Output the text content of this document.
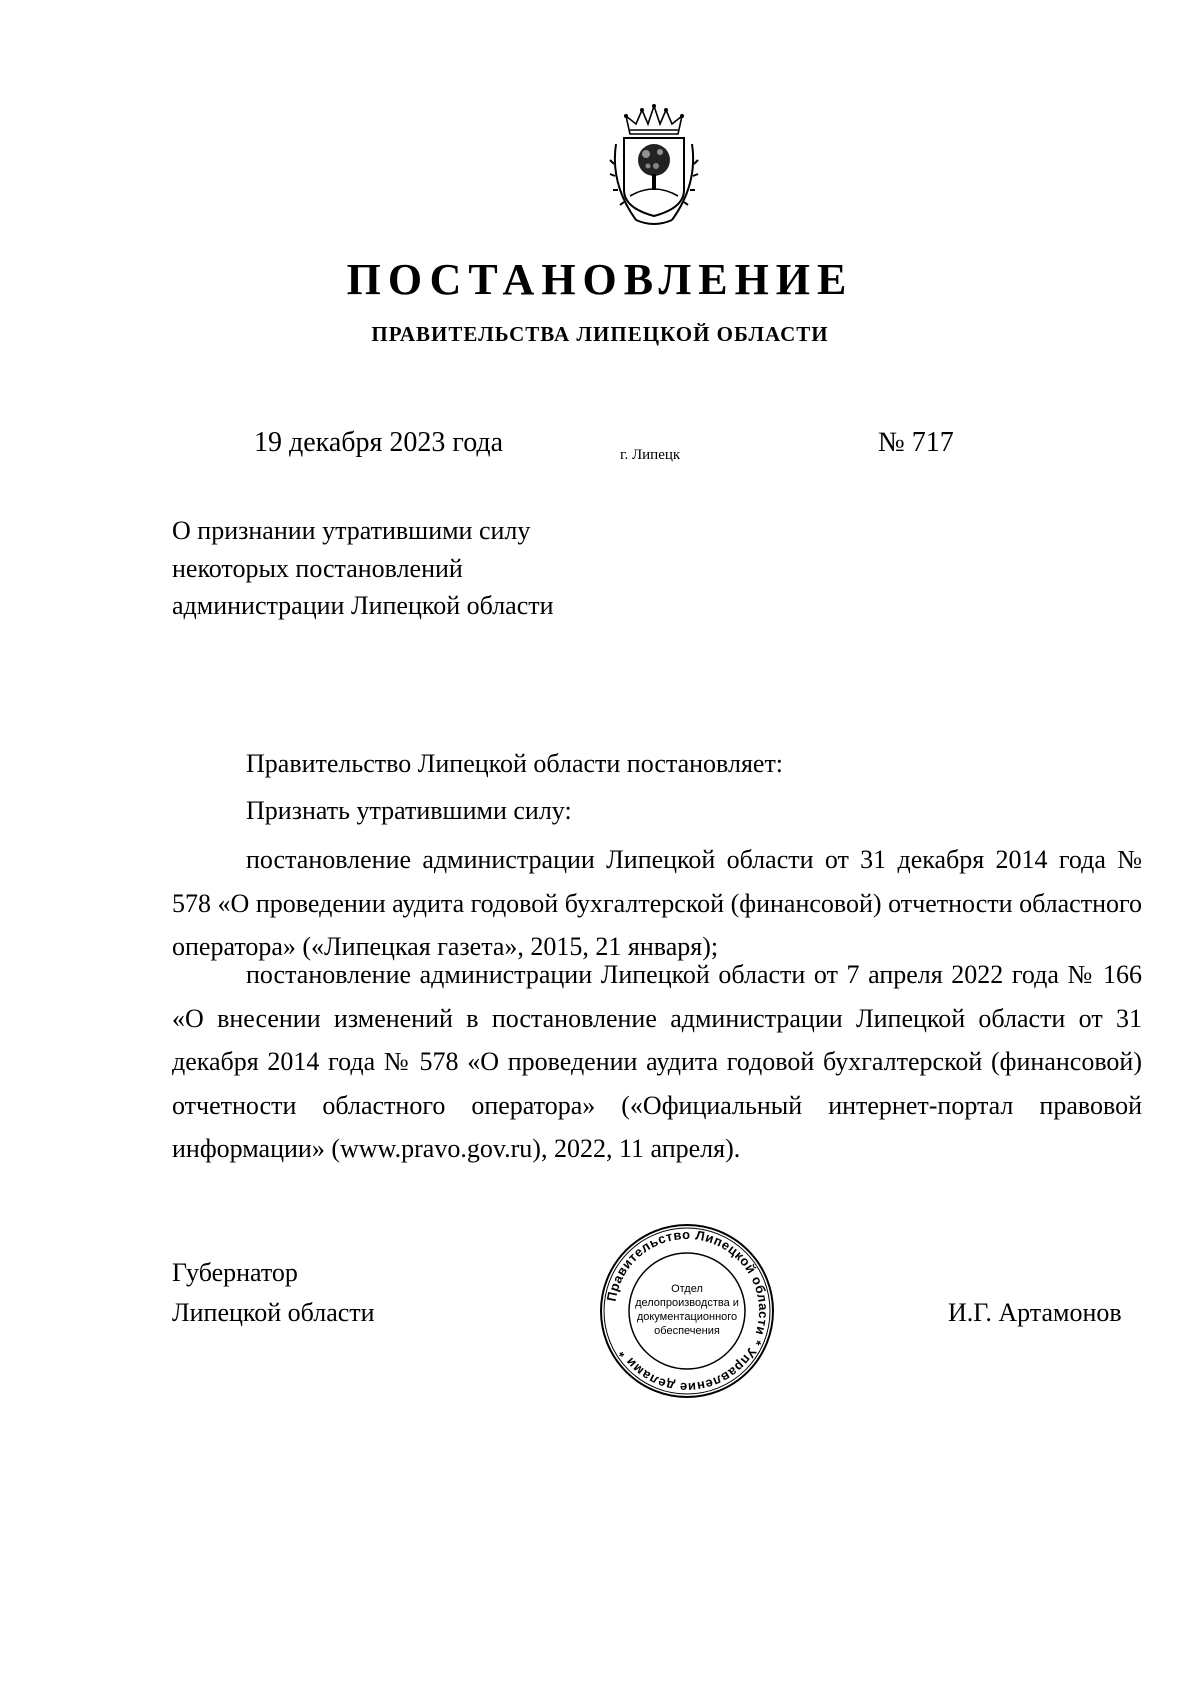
ПОСТАНОВЛЕНИЕ
ПРАВИТЕЛЬСТВА ЛИПЕЦКОЙ ОБЛАСТИ
19 декабря 2023 года	г. Липецк	№ 717
О признании утратившими силу
некоторых постановлений
администрации Липецкой области
Правительство Липецкой области постановляет:
Признать утратившими силу:
постановление администрации Липецкой области от 31 декабря 2014 года № 578 «О проведении аудита годовой бухгалтерской (финансовой) отчетности областного оператора» («Липецкая газета», 2015, 21 января);
постановление администрации Липецкой области от 7 апреля 2022 года № 166 «О внесении изменений в постановление администрации Липецкой области от 31 декабря 2014 года № 578 «О проведении аудита годовой бухгалтерской (финансовой) отчетности областного оператора» («Официальный интернет-портал правовой информации» (www.pravo.gov.ru), 2022, 11 апреля).
Губернатор
Липецкой области	И.Г. Артамонов
Правительство Липецкой области * Управление делами *
Отдел
делопроизводства и
документационного
обеспечения
